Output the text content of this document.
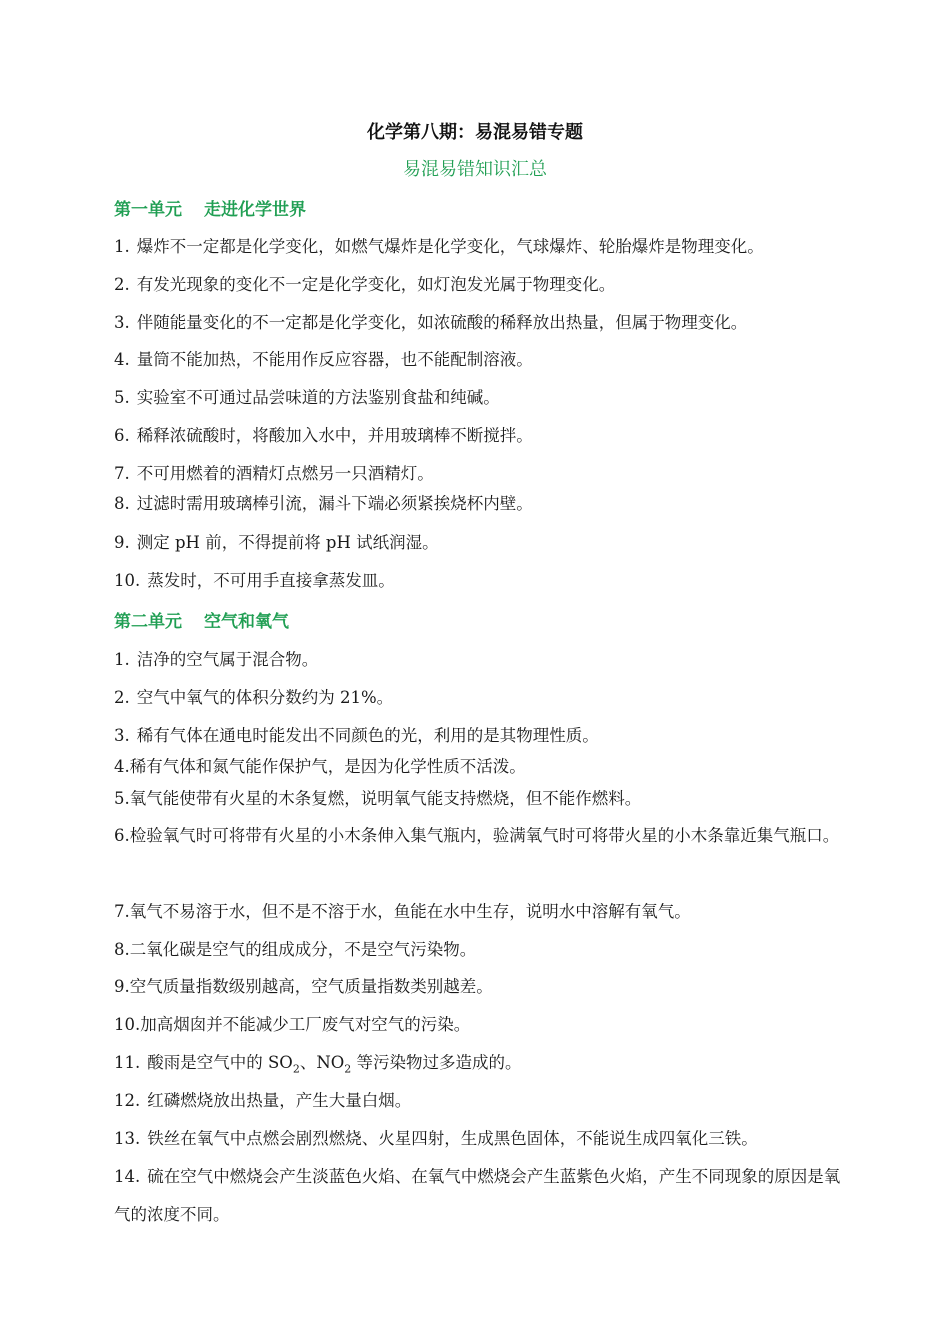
化学第八期：易混易错专题
易混易错知识汇总
第一单元 走进化学世界
1. 爆炸不一定都是化学变化，如燃气爆炸是化学变化，气球爆炸、轮胎爆炸是物理变化。
2. 有发光现象的变化不一定是化学变化，如灯泡发光属于物理变化。
3. 伴随能量变化的不一定都是化学变化，如浓硫酸的稀释放出热量，但属于物理变化。
4. 量筒不能加热，不能用作反应容器，也不能配制溶液。
5. 实验室不可通过品尝味道的方法鉴别食盐和纯碱。
6. 稀释浓硫酸时，将酸加入水中，并用玻璃棒不断搅拌。
7. 不可用燃着的酒精灯点燃另一只酒精灯。
8. 过滤时需用玻璃棒引流，漏斗下端必须紧挨烧杯内壁。
9. 测定 pH 前，不得提前将 pH 试纸润湿。
10. 蒸发时，不可用手直接拿蒸发皿。
第二单元 空气和氧气
1. 洁净的空气属于混合物。
2. 空气中氧气的体积分数约为 21%。
3. 稀有气体在通电时能发出不同颜色的光，利用的是其物理性质。
4.稀有气体和氮气能作保护气，是因为化学性质不活泼。
5.氧气能使带有火星的木条复燃，说明氧气能支持燃烧，但不能作燃料。
6.检验氧气时可将带有火星的小木条伸入集气瓶内，验满氧气时可将带火星的小木条靠近集气瓶口。
7.氧气不易溶于水，但不是不溶于水，鱼能在水中生存，说明水中溶解有氧气。
8.二氧化碳是空气的组成成分，不是空气污染物。
9.空气质量指数级别越高，空气质量指数类别越差。
10.加高烟囱并不能减少工厂废气对空气的污染。
11. 酸雨是空气中的 $SO_2$、$NO_2$ 等污染物过多造成的。
12. 红磷燃烧放出热量，产生大量白烟。
13. 铁丝在氧气中点燃会剧烈燃烧、火星四射，生成黑色固体，不能说生成四氧化三铁。
14. 硫在空气中燃烧会产生淡蓝色火焰、在氧气中燃烧会产生蓝紫色火焰，产生不同现象的原因是氧气的浓度不同。
